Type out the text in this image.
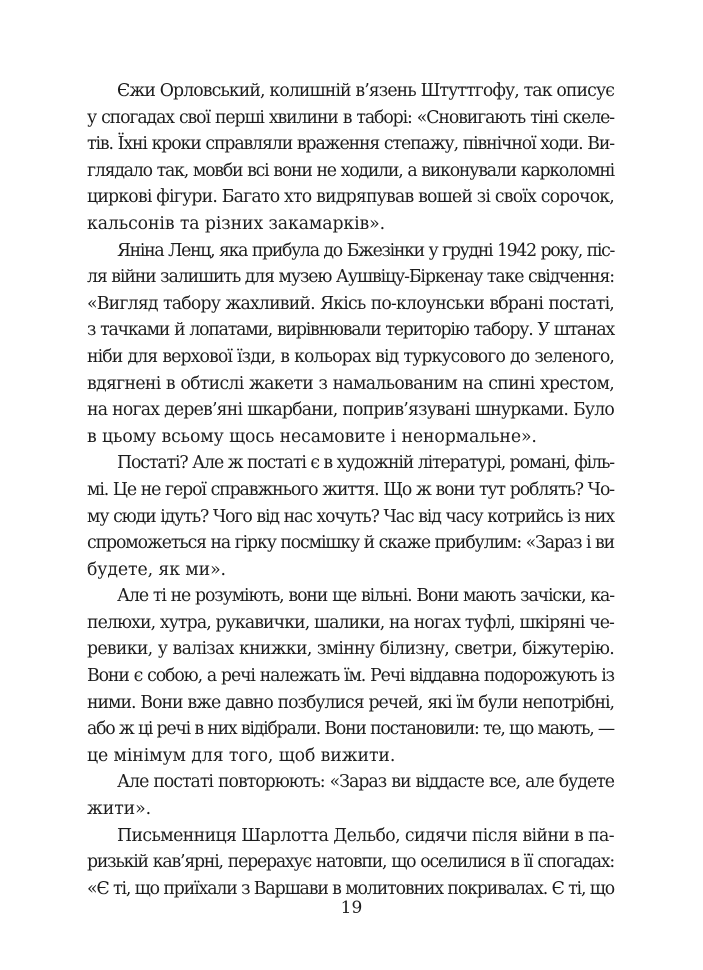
Єжи Орловський, колишній в’язень Штуттгофу, так описує
у спогадах свої перші хвилини в таборі: «Сновигають тіні скеле-
тів. Їхні кроки справляли враження степажу, північної ходи. Ви-
глядало так, мовби всі вони не ходили, а виконували карколомні
циркові фігури. Багато хто видряпував вошей зі своїх сорочок,
кальсонів та різних закамарків».
Яніна Ленц, яка прибула до Бжезінки у грудні 1942 року, піс-
ля війни залишить для музею Аушвіцу-Біркенау таке свідчення:
«Вигляд табору жахливий. Якісь по-клоунськи вбрані постаті,
з тачками й лопатами, вирівнювали територію табору. У штанах
ніби для верхової їзди, в кольорах від туркусового до зеленого,
вдягнені в обтислі жакети з намальованим на спині хрестом,
на ногах дерев’яні шкарбани, поприв’язувані шнурками. Було
в цьому всьому щось несамовите і ненормальне».
Постаті? Але ж постаті є в художній літературі, романі, філь-
мі. Це не герої справжнього життя. Що ж вони тут роблять? Чо-
му сюди ідуть? Чого від нас хочуть? Час від часу котрийсь із них
спроможеться на гірку посмішку й скаже прибулим: «Зараз і ви
будете, як ми».
Але ті не розуміють, вони ще вільні. Вони мають зачіски, ка-
пелюхи, хутра, рукавички, шалики, на ногах туфлі, шкіряні че-
ревики, у валізах книжки, змінну білизну, светри, біжутерію.
Вони є собою, а речі належать їм. Речі віддавна подорожують із
ними. Вони вже давно позбулися речей, які їм були непотрібні,
або ж ці речі в них відібрали. Вони постановили: те, що мають, —
це мінімум для того, щоб вижити.
Але постаті повторюють: «Зараз ви віддасте все, але будете
жити».
Письменниця Шарлотта Дельбо, сидячи після війни в па-
ризькій кав’ярні, перерахує натовпи, що оселилися в її спогадах:
«Є ті, що приїхали з Варшави в молитовних покривалах. Є ті, що
19
